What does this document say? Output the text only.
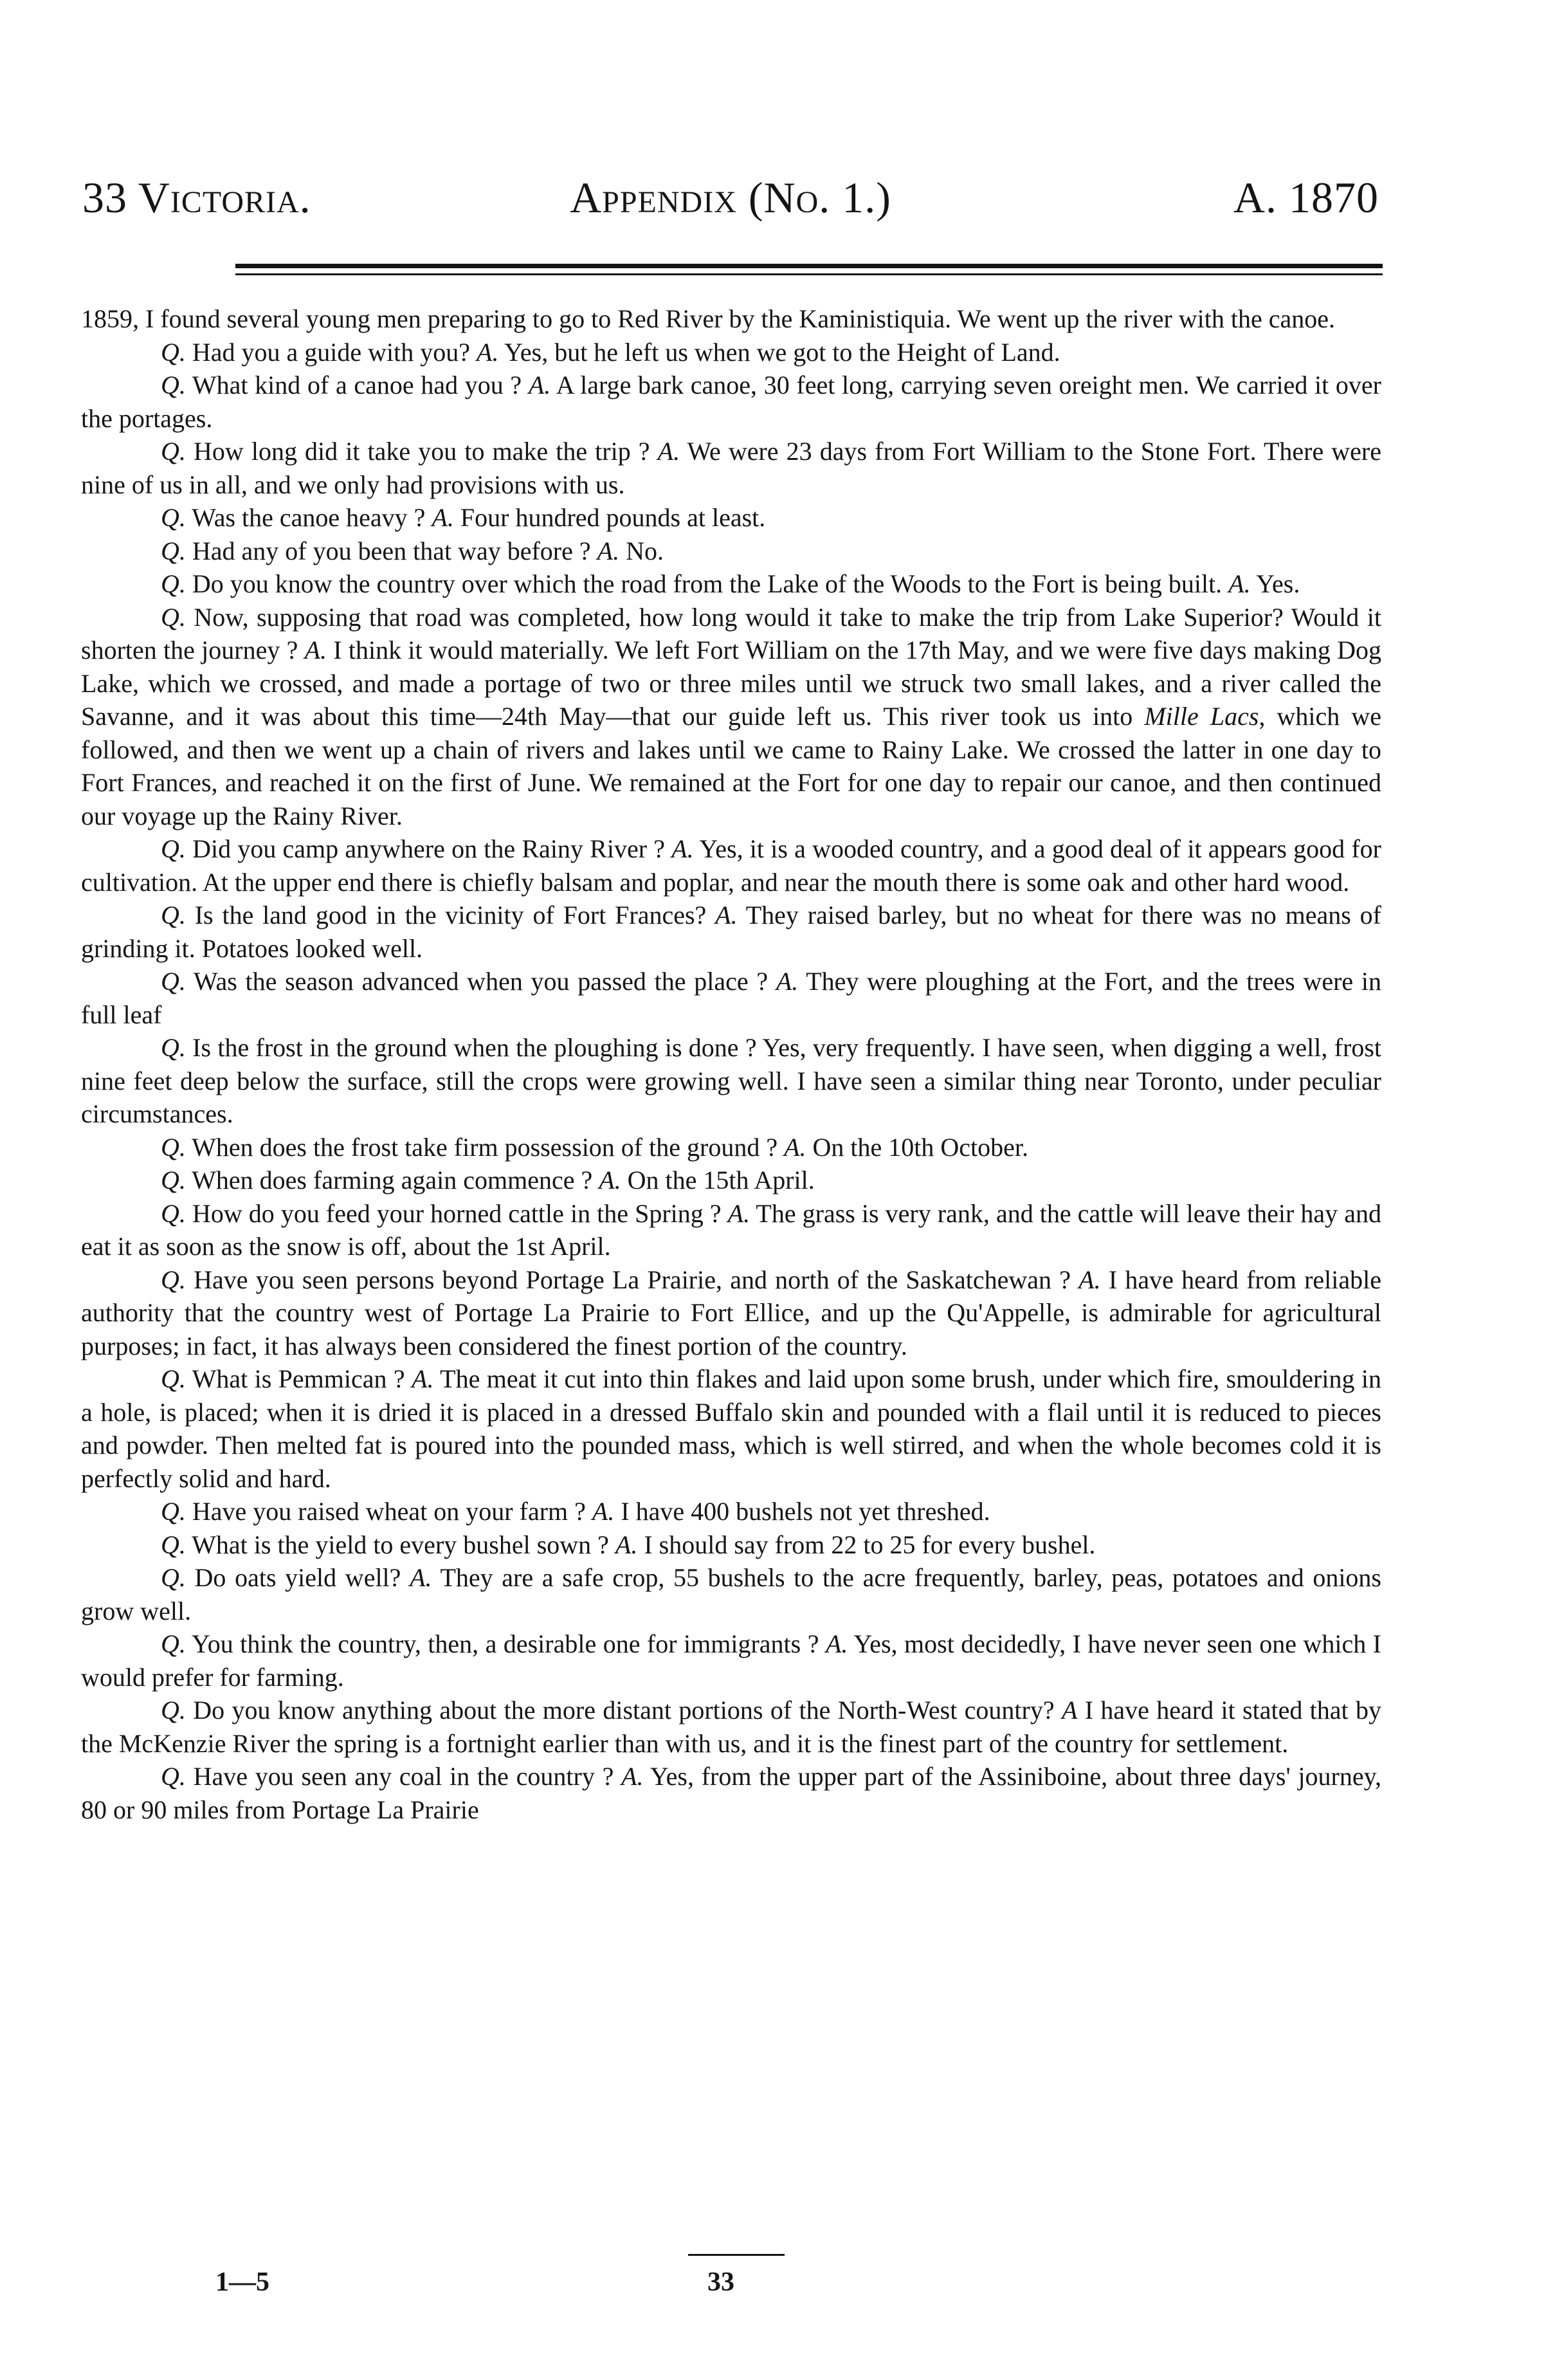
33 Victoria.	Appendix (No. 1.)	A. 1870

1859, I found several young men preparing to go to Red River by the Kaministiquia. We went up the river with the canoe.

Q. Had you a guide with you? A. Yes, but he left us when we got to the Height of Land.

Q. What kind of a canoe had you ? A. A large bark canoe, 30 feet long, carrying seven oreight men. We carried it over the portages.

Q. How long did it take you to make the trip ? A. We were 23 days from Fort William to the Stone Fort. There were nine of us in all, and we only had provisions with us.

Q. Was the canoe heavy ? A. Four hundred pounds at least.

Q. Had any of you been that way before ? A. No.

Q. Do you know the country over which the road from the Lake of the Woods to the Fort is being built. A. Yes.

Q. Now, supposing that road was completed, how long would it take to make the trip from Lake Superior? Would it shorten the journey ? A. I think it would materially. We left Fort William on the 17th May, and we were five days making Dog Lake, which we crossed, and made a portage of two or three miles until we struck two small lakes, and a river called the Savanne, and it was about this time—24th May—that our guide left us. This river took us into Mille Lacs, which we followed, and then we went up a chain of rivers and lakes until we came to Rainy Lake. We crossed the latter in one day to Fort Frances, and reached it on the first of June. We remained at the Fort for one day to repair our canoe, and then continued our voyage up the Rainy River.

Q. Did you camp anywhere on the Rainy River ? A. Yes, it is a wooded country, and a good deal of it appears good for cultivation. At the upper end there is chiefly balsam and poplar, and near the mouth there is some oak and other hard wood.

Q. Is the land good in the vicinity of Fort Frances? A. They raised barley, but no wheat for there was no means of grinding it. Potatoes looked well.

Q. Was the season advanced when you passed the place ? A. They were ploughing at the Fort, and the trees were in full leaf

Q. Is the frost in the ground when the ploughing is done ? Yes, very frequently. I have seen, when digging a well, frost nine feet deep below the surface, still the crops were growing well. I have seen a similar thing near Toronto, under peculiar circumstances.

Q. When does the frost take firm possession of the ground ? A. On the 10th October.

Q. When does farming again commence ? A. On the 15th April.

Q. How do you feed your horned cattle in the Spring ? A. The grass is very rank, and the cattle will leave their hay and eat it as soon as the snow is off, about the 1st April.

Q. Have you seen persons beyond Portage La Prairie, and north of the Saskatchewan ? A. I have heard from reliable authority that the country west of Portage La Prairie to Fort Ellice, and up the Qu'Appelle, is admirable for agricultural purposes; in fact, it has always been considered the finest portion of the country.

Q. What is Pemmican ? A. The meat it cut into thin flakes and laid upon some brush, under which fire, smouldering in a hole, is placed; when it is dried it is placed in a dressed Buffalo skin and pounded with a flail until it is reduced to pieces and powder. Then melted fat is poured into the pounded mass, which is well stirred, and when the whole becomes cold it is perfectly solid and hard.

Q. Have you raised wheat on your farm ? A. I have 400 bushels not yet threshed.

Q. What is the yield to every bushel sown ? A. I should say from 22 to 25 for every bushel.

Q. Do oats yield well? A. They are a safe crop, 55 bushels to the acre frequently, barley, peas, potatoes and onions grow well.

Q. You think the country, then, a desirable one for immigrants ? A. Yes, most decidedly, I have never seen one which I would prefer for farming.

Q. Do you know anything about the more distant portions of the North-West country? A I have heard it stated that by the McKenzie River the spring is a fortnight earlier than with us, and it is the finest part of the country for settlement.

Q. Have you seen any coal in the country ? A. Yes, from the upper part of the Assiniboine, about three days' journey, 80 or 90 miles from Portage La Prairie

1—5	33
